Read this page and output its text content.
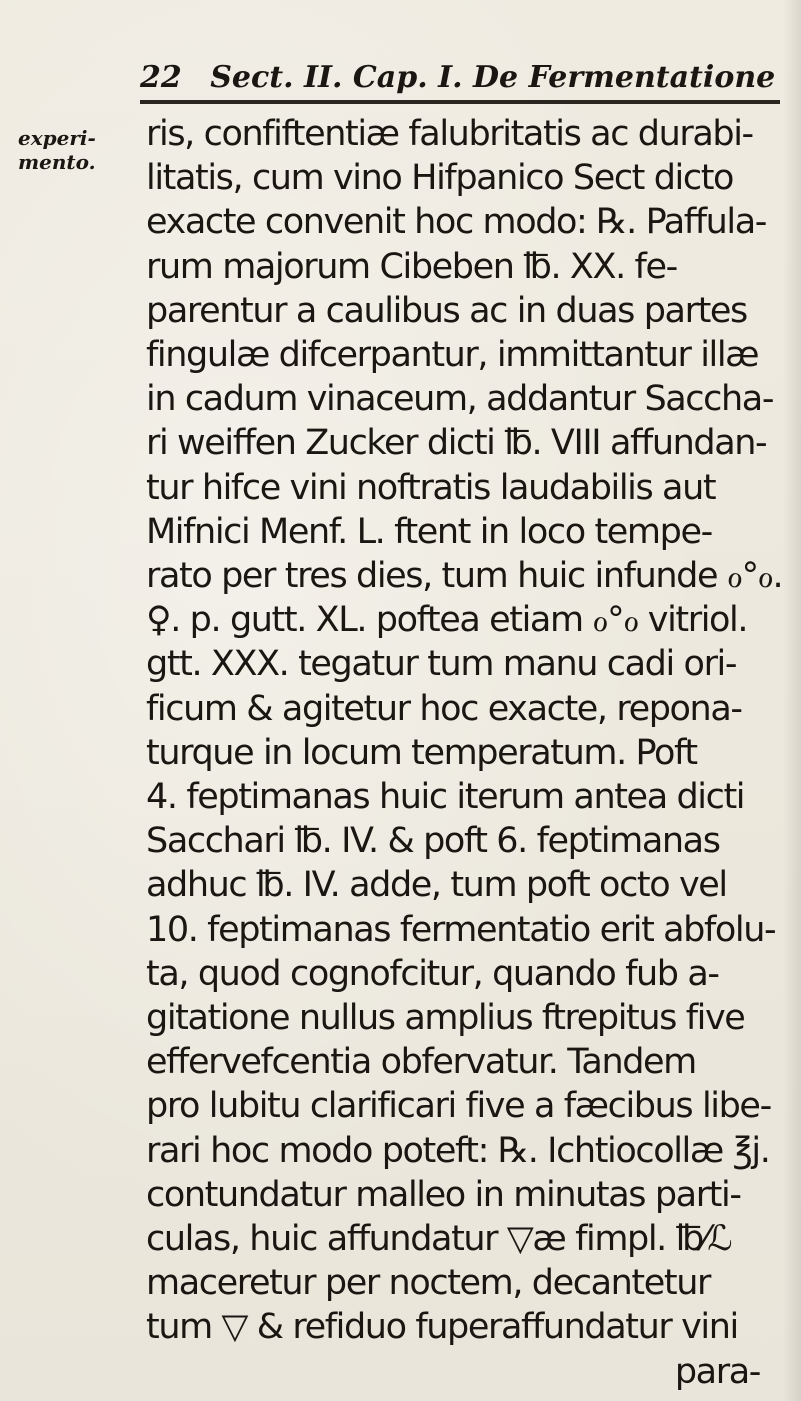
22 Sect. II. Cap. I. De Fermentatione
experi-
mento.
ris, confiftentiæ falubritatis ac durabi-
litatis, cum vino Hifpanico Sect dicto
exacte convenit hoc modo: ℞. Paffula-
rum majorum Cibeben ℔. XX. fe-
parentur a caulibus ac in duas partes
fingulæ difcerpantur, immittantur illæ
in cadum vinaceum, addantur Saccha-
ri weiffen Zucker dicti ℔. VIII affundan-
tur hifce vini noftratis laudabilis aut
Mifnici Menf. L. ftent in loco tempe-
rato per tres dies, tum huic infunde ℴ°ℴ.
♀. p. gutt. XL. poftea etiam ℴ°ℴ vitriol.
gtt. XXX. tegatur tum manu cadi ori-
ficum & agitetur hoc exacte, repona-
turque in locum temperatum. Poft
4. feptimanas huic iterum antea dicti
Sacchari ℔. IV. & poft 6. feptimanas
adhuc ℔. IV. adde, tum poft octo vel
10. feptimanas fermentatio erit abfolu-
ta, quod cognofcitur, quando fub a-
gitatione nullus amplius ftrepitus five
effervefcentia obfervatur. Tandem
pro lubitu clarificari five a fæcibus libe-
rari hoc modo poteft: ℞. Ichtiocollæ ℥j.
contundatur malleo in minutas parti-
culas, huic affundatur ▽æ fimpl. ℔⁄ℒ
maceretur per noctem, decantetur
tum ▽ & refiduo fuperaffundatur vini
para-
